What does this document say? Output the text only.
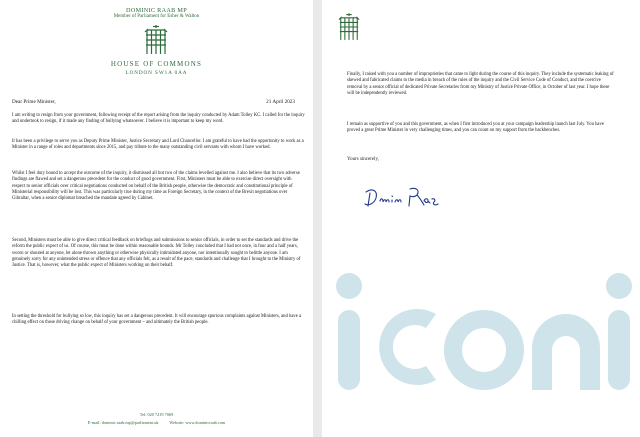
DOMINIC RAAB MP
Member of Parliament for Esher & Walton
HOUSE OF COMMONS
LONDON SW1A 0AA
Dear Prime Minister,	21 April 2023

I am writing to resign from your government, following receipt of the report arising from the inquiry conducted by Adam Tolley KC. I called for the inquiry and undertook to resign, if it made any finding of bullying whatsoever. I believe it is important to keep my word.

It has been a privilege to serve you as Deputy Prime Minister, Justice Secretary and Lord Chancellor. I am grateful to have had the opportunity to work as a Minister in a range of roles and departments since 2015, and pay tribute to the many outstanding civil servants with whom I have worked.

Whilst I feel duty bound to accept the outcome of the inquiry, it dismissed all but two of the claims levelled against me. I also believe that its two adverse findings are flawed and set a dangerous precedent for the conduct of good government. First, Ministers must be able to exercise direct oversight with respect to senior officials over critical negotiations conducted on behalf of the British people, otherwise the democratic and constitutional principle of Ministerial responsibility will be lost. This was particularly true during my time as Foreign Secretary, in the context of the Brexit negotiations over Gibraltar, when a senior diplomat breached the mandate agreed by Cabinet.

Second, Ministers must be able to give direct critical feedback on briefings and submissions to senior officials, in order to set the standards and drive the reform the public expect of us. Of course, this must be done within reasonable bounds. Mr Tolley concluded that I had not once, in four and a half years, sworn or shouted at anyone, let alone thrown anything or otherwise physically intimidated anyone, nor intentionally sought to belittle anyone. I am genuinely sorry for any unintended stress or offence that any officials felt, as a result of the pace, standards and challenge that I brought to the Ministry of Justice. That is, however, what the public expect of Ministers working on their behalf.

In setting the threshold for bullying so low, this inquiry has set a dangerous precedent. It will encourage spurious complaints against Ministers, and have a chilling effect on those driving change on behalf of your government – and ultimately the British people.

Tel: 020 7219 7069
E-mail: dominic.raab.mp@parliament.uk          Website: www.dominicraab.com

Finally, I raised with you a number of improprieties that came to light during the course of this inquiry. They include the systematic leaking of skewed and fabricated claims to the media in breach of the rules of the inquiry and the Civil Service Code of Conduct, and the coercive removal by a senior official of dedicated Private Secretaries from my Ministry of Justice Private Office, in October of last year. I hope these will be independently reviewed.

I remain as supportive of you and this government, as when I first introduced you at your campaign leadership launch last July. You have proved a great Prime Minister in very challenging times, and you can count on my support from the backbenches.

Yours sincerely,
